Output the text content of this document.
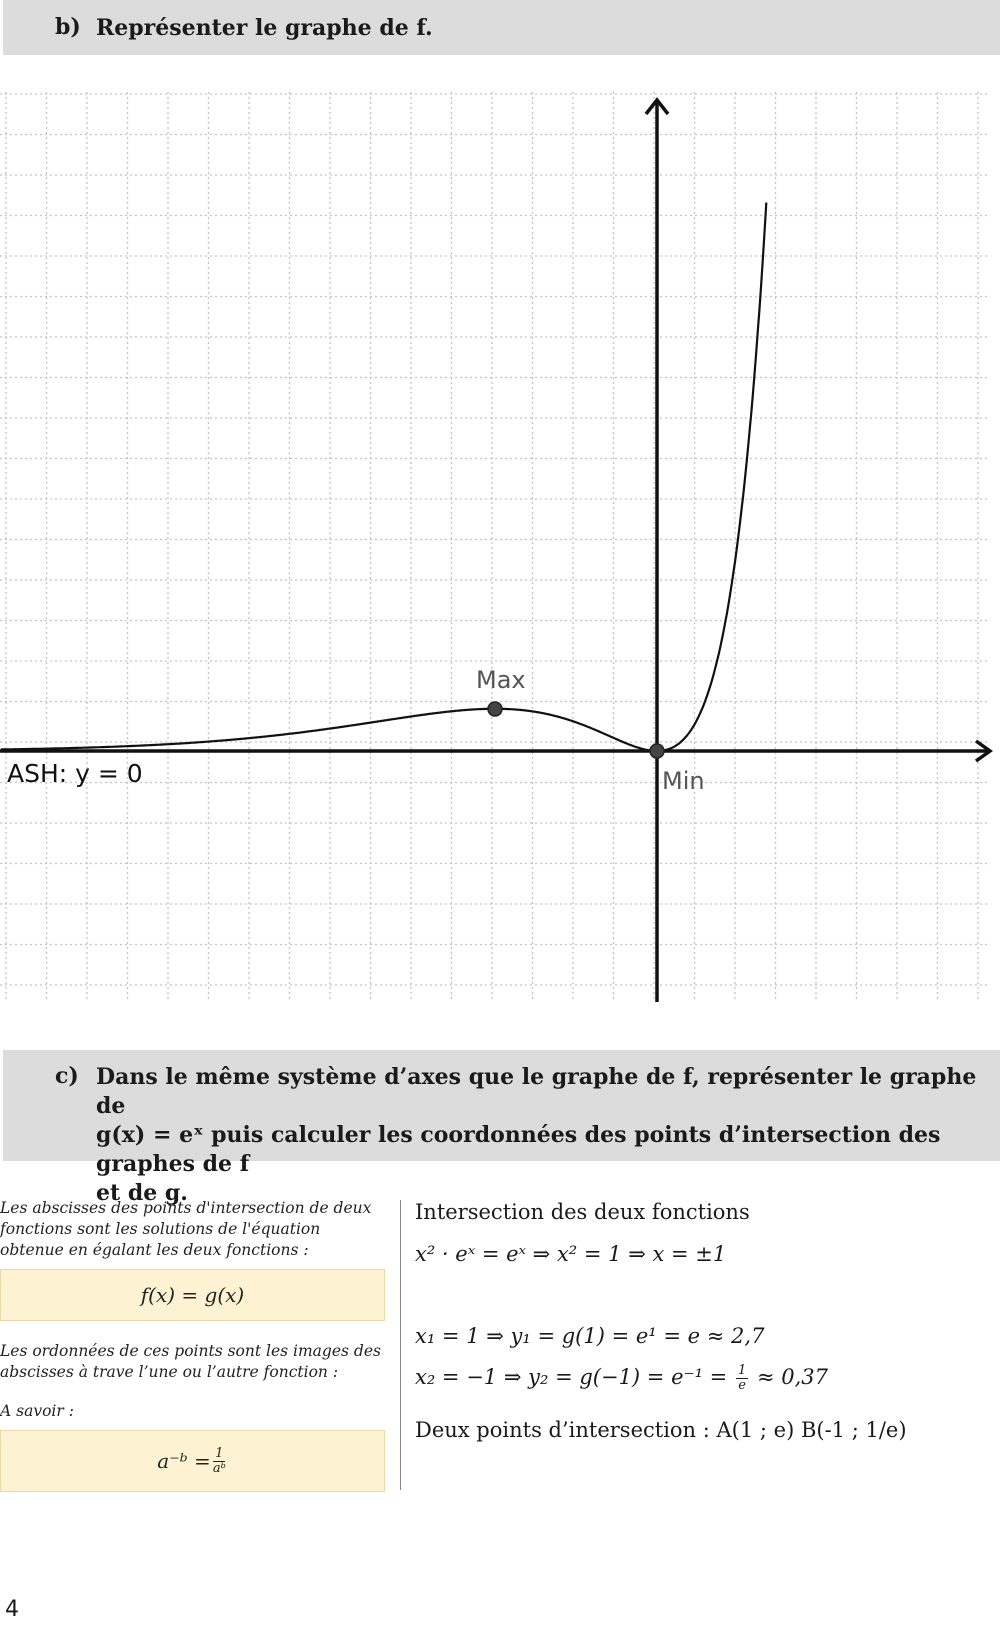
b) Représenter le graphe de f.
Max
Min
ASH: y = 0
c) Dans le même système d’axes que le graphe de f, représenter le graphe de
g(x) = eˣ puis calculer les coordonnées des points d’intersection des graphes de f
et de g.

Les abscisses des points d'intersection de deux fonctions sont les solutions de l'équation obtenue en égalant les deux fonctions :

f(x) = g(x)

Les ordonnées de ces points sont les images des abscisses à trave l’une ou l’autre fonction :

A savoir :

a⁻ᵇ = $\frac{1}{\text{aᵇ}}$
Intersection des deux fonctions
x² · eˣ = eˣ ⇒ x² = 1 ⇒ x = ±1
x₁ = 1 ⇒ y₁ = g(1) = e¹ = e ≈ 2,7
x₂ = −1 ⇒ $y_2 = g(-1) = e^{-1} = \frac{1}{e} \approx 0,37$
Deux points d’intersection : A(1 ; e) B(-1 ; 1/e)
4
